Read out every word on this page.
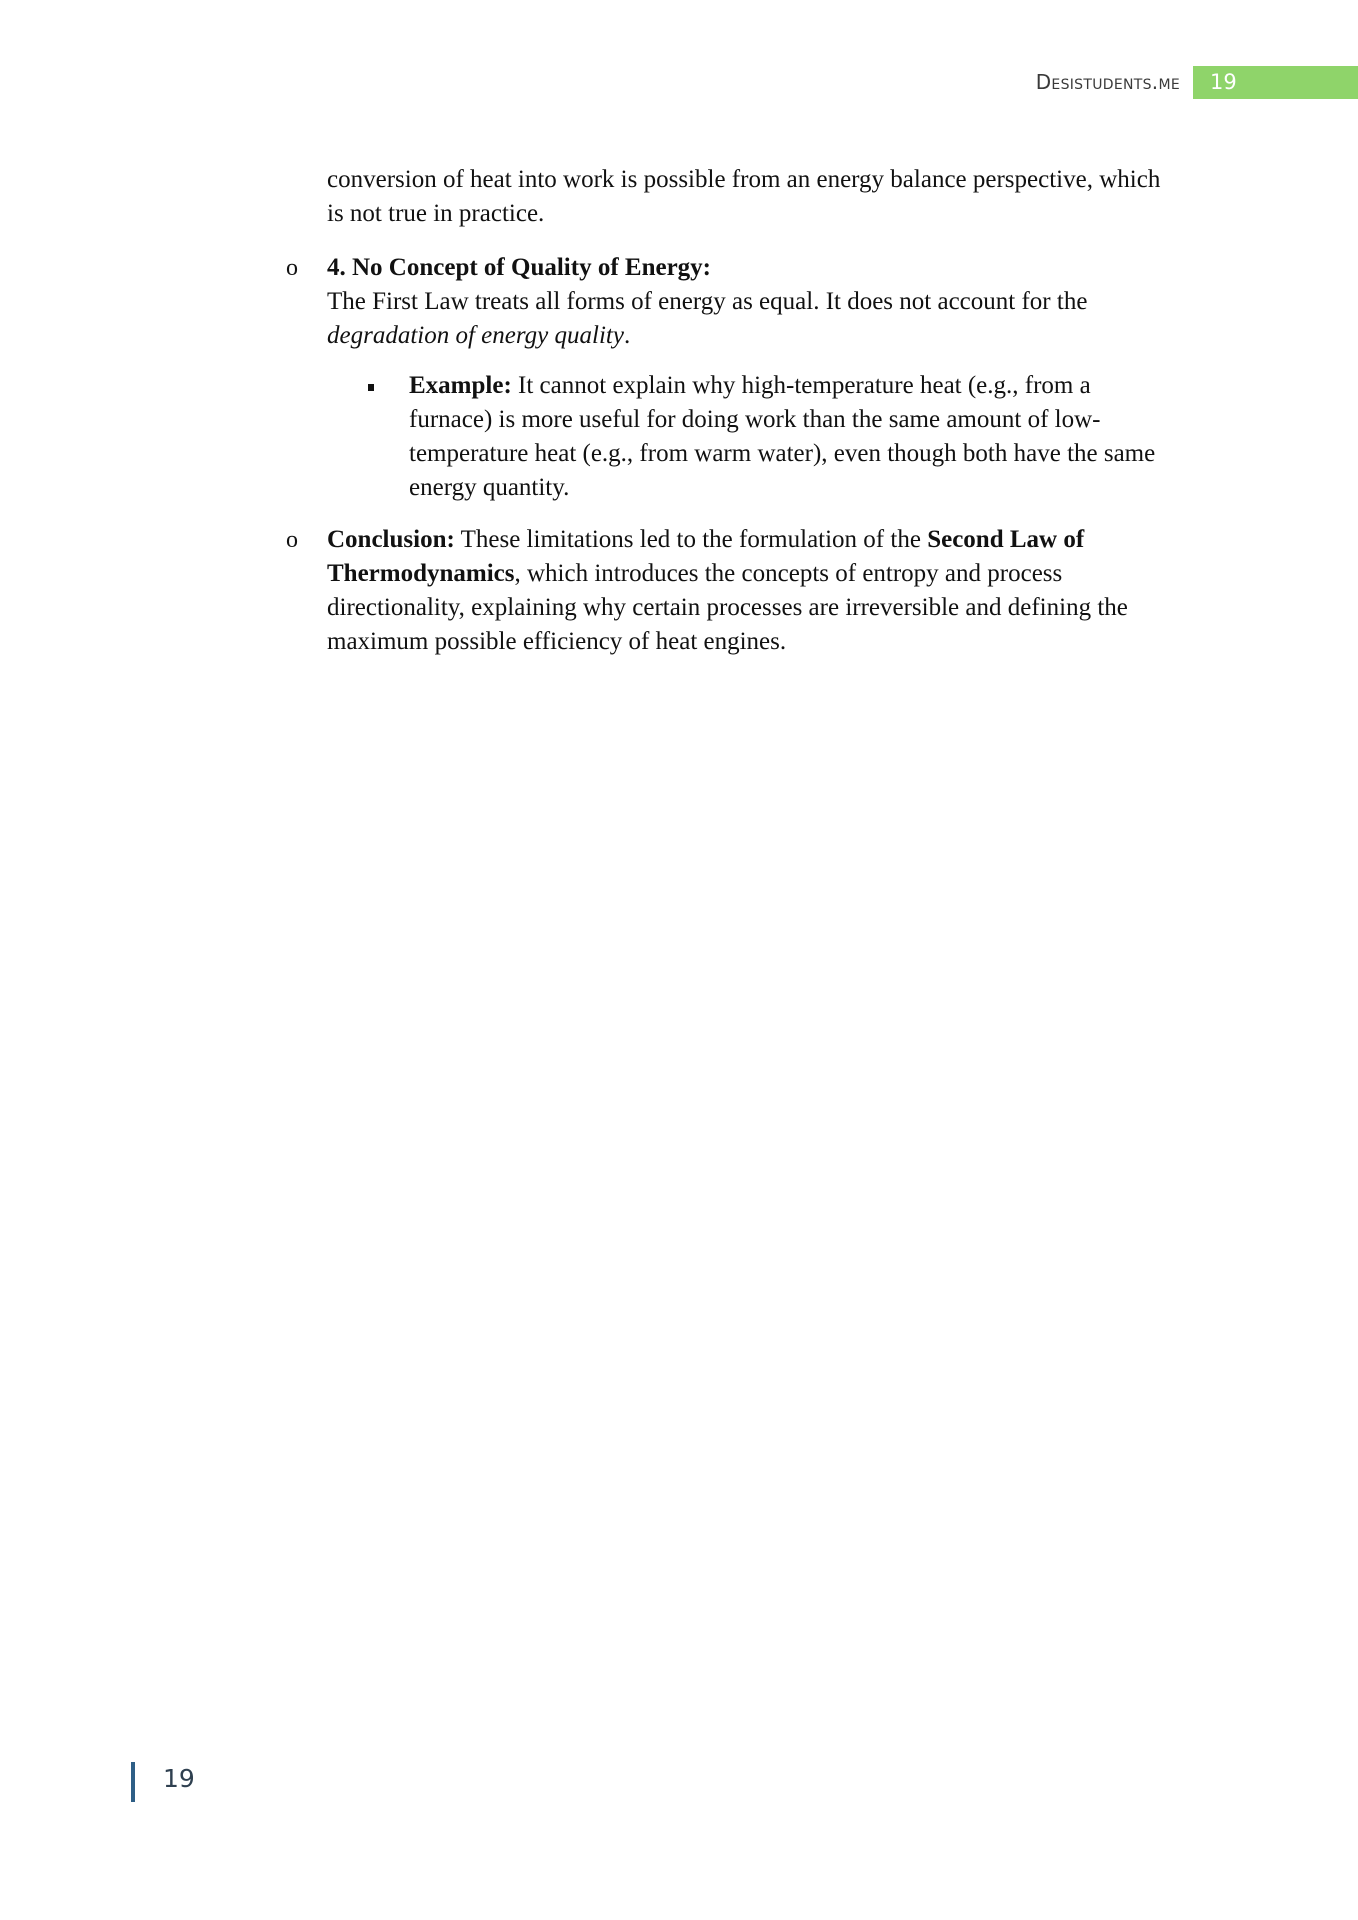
Desistudents.me	19
conversion of heat into work is possible from an energy balance perspective, which is not true in practice.
o 4. No Concept of Quality of Energy:
The First Law treats all forms of energy as equal. It does not account for the degradation of energy quality.
Example: It cannot explain why high-temperature heat (e.g., from a furnace) is more useful for doing work than the same amount of low-temperature heat (e.g., from warm water), even though both have the same energy quantity.
o Conclusion: These limitations led to the formulation of the Second Law of Thermodynamics, which introduces the concepts of entropy and process directionality, explaining why certain processes are irreversible and defining the maximum possible efficiency of heat engines.
19
